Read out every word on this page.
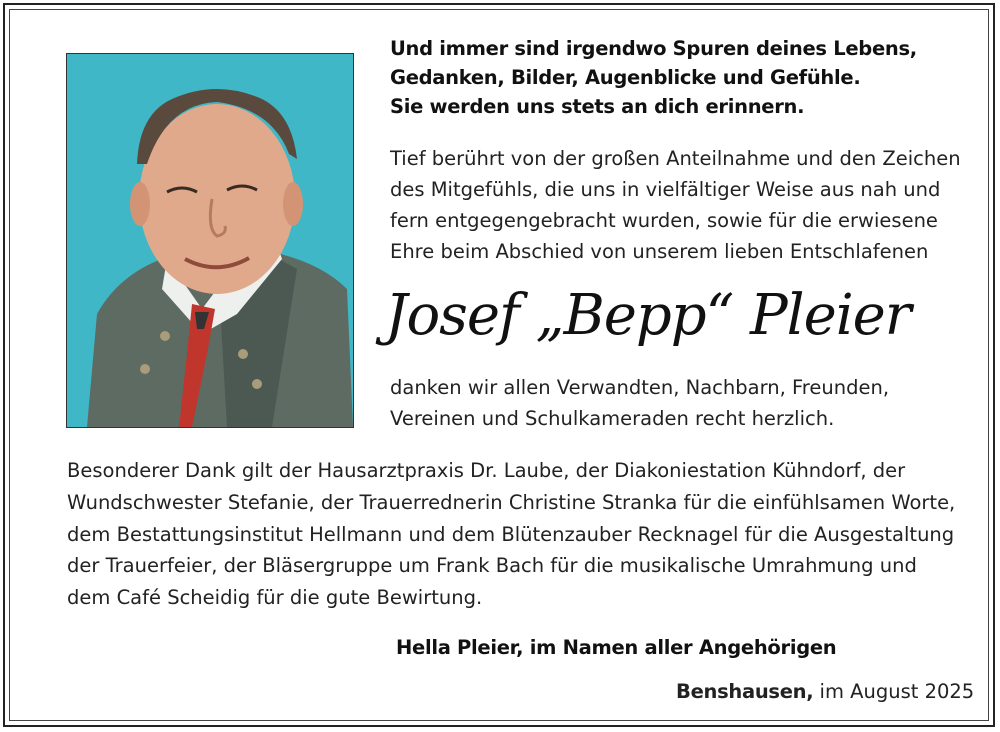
Und immer sind irgendwo Spuren deines Lebens,
Gedanken, Bilder, Augenblicke und Gefühle.
Sie werden uns stets an dich erinnern.
Tief berührt von der großen Anteilnahme und den Zeichen
des Mitgefühls, die uns in vielfältiger Weise aus nah und
fern entgegengebracht wurden, sowie für die erwiesene
Ehre beim Abschied von unserem lieben Entschlafenen
Josef „Bepp“ Pleier
danken wir allen Verwandten, Nachbarn, Freunden,
Vereinen und Schulkameraden recht herzlich.
Besonderer Dank gilt der Hausarztpraxis Dr. Laube, der Diakoniestation Kühndorf, der
Wundschwester Stefanie, der Trauerrednerin Christine Stranka für die einfühlsamen Worte,
dem Bestattungsinstitut Hellmann und dem Blütenzauber Recknagel für die Ausgestaltung
der Trauerfeier, der Bläsergruppe um Frank Bach für die musikalische Umrahmung und
dem Café Scheidig für die gute Bewirtung.
Hella Pleier, im Namen aller Angehörigen
Benshausen, im August 2025
